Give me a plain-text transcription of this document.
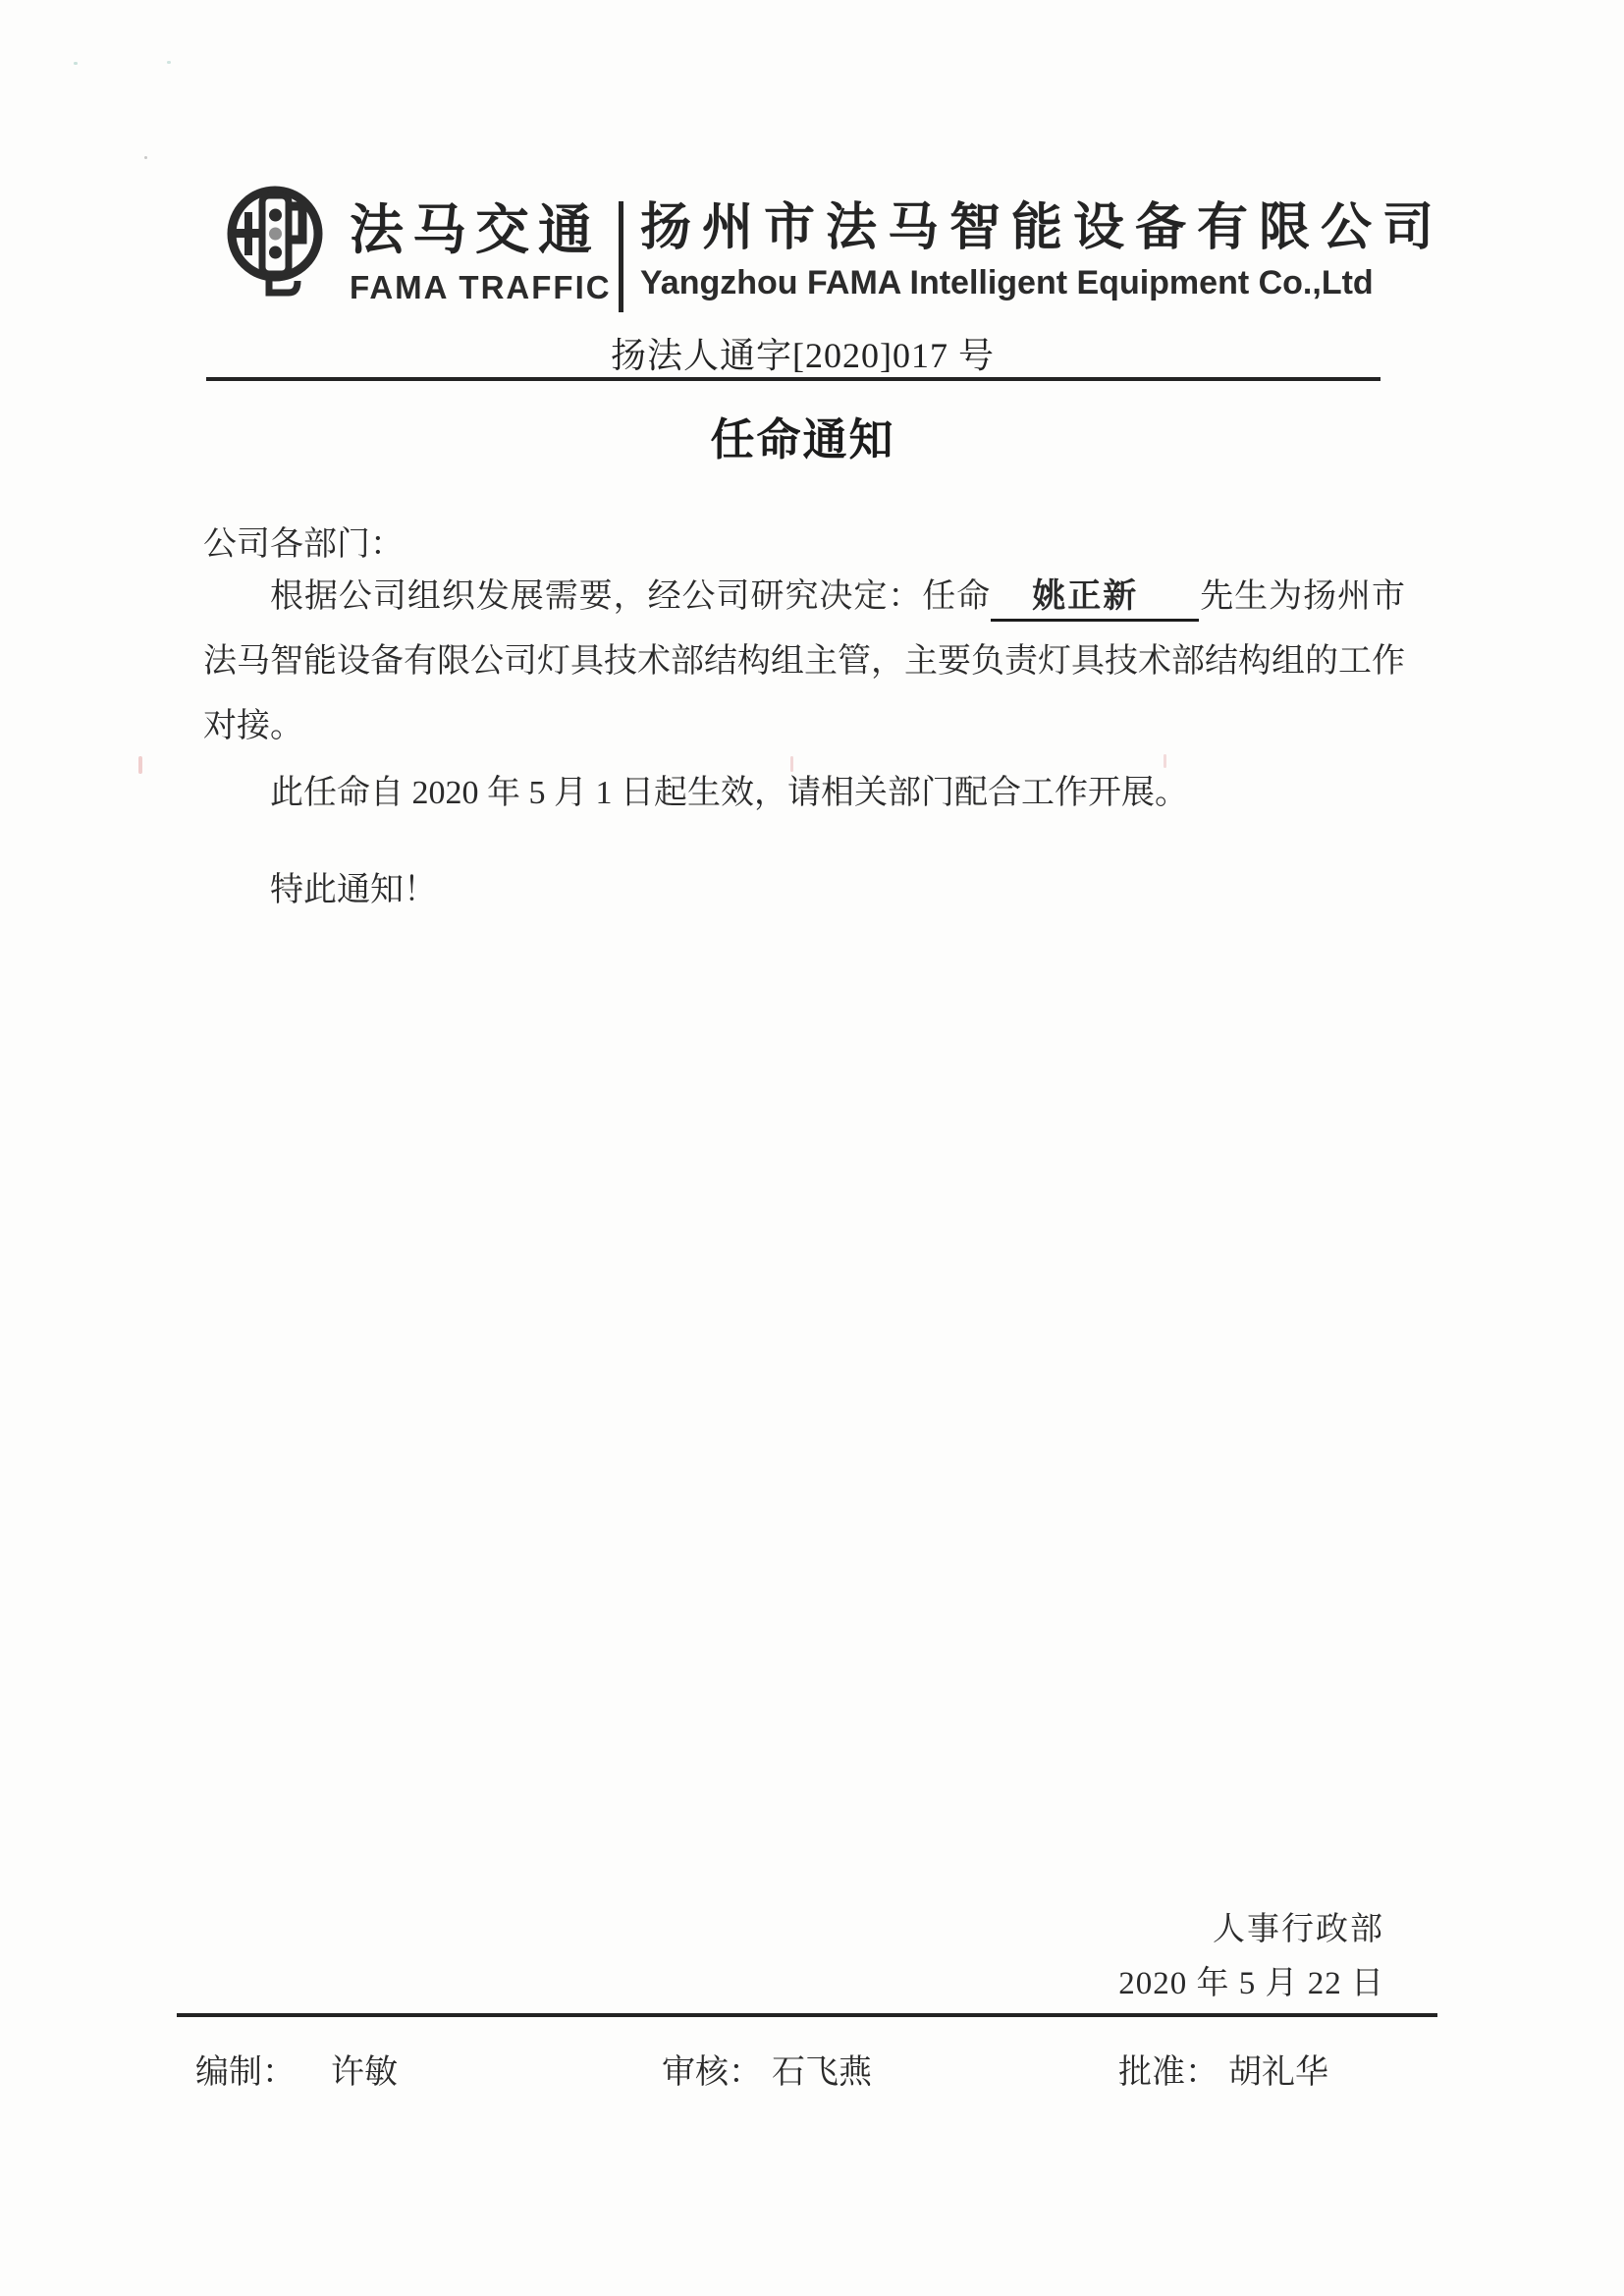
法马交通
FAMA TRAFFIC
扬州市法马智能设备有限公司
Yangzhou FAMA Intelligent Equipment Co.,Ltd
扬法人通字[2020]017 号
任命通知
公司各部门：

根据公司组织发展需要，经公司研究决定：任命 姚正新 先生为扬州市法马智能设备有限公司灯具技术部结构组主管，主要负责灯具技术部结构组的工作对接。

此任命自 2020 年 5 月 1 日起生效，请相关部门配合工作开展。

特此通知！
人事行政部
2020 年 5 月 22 日
编制： 许敏	审核： 石飞燕	批准： 胡礼华
